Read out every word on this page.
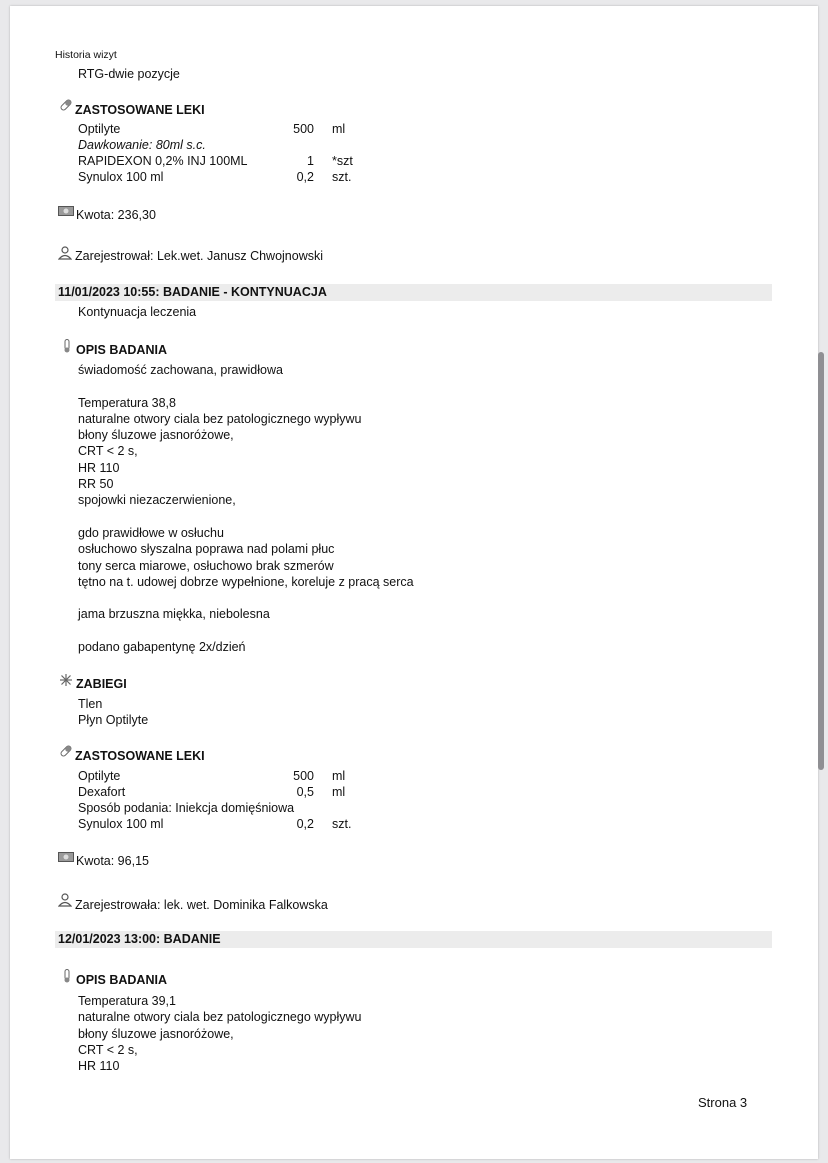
Historia wizyt
RTG-dwie pozycje
ZASTOSOWANE LEKI
Optilyte	500 ml
Dawkowanie: 80ml s.c.
RAPIDEXON 0,2% INJ 100ML	1 *szt
Synulox 100 ml	0,2 szt.
Kwota: 236,30
Zarejestrował: Lek.wet. Janusz Chwojnowski
11/01/2023 10:55: BADANIE - KONTYNUACJA
Kontynuacja leczenia
OPIS BADANIA
świadomość zachowana, prawidłowa
Temperatura 38,8
naturalne otwory ciala bez patologicznego wypływu
błony śluzowe jasnoróżowe,
CRT < 2 s,
HR 110
RR 50
spojowki niezaczerwienione,
gdo prawidłowe w osłuchu
osłuchowo słyszalna poprawa nad polami płuc
tony serca miarowe, osłuchowo brak szmerów
tętno na t. udowej dobrze wypełnione, koreluje z pracą serca
jama brzuszna miękka, niebolesna
podano gabapentynę 2x/dzień
ZABIEGI
Tlen
Płyn Optilyte
ZASTOSOWANE LEKI
Optilyte	500 ml
Dexafort	0,5 ml
Sposób podania: Iniekcja domięśniowa
Synulox 100 ml	0,2 szt.
Kwota: 96,15
Zarejestrowała: lek. wet. Dominika Falkowska
12/01/2023 13:00: BADANIE
OPIS BADANIA
Temperatura 39,1
naturalne otwory ciala bez patologicznego wypływu
błony śluzowe jasnoróżowe,
CRT < 2 s,
HR 110
Strona 3
